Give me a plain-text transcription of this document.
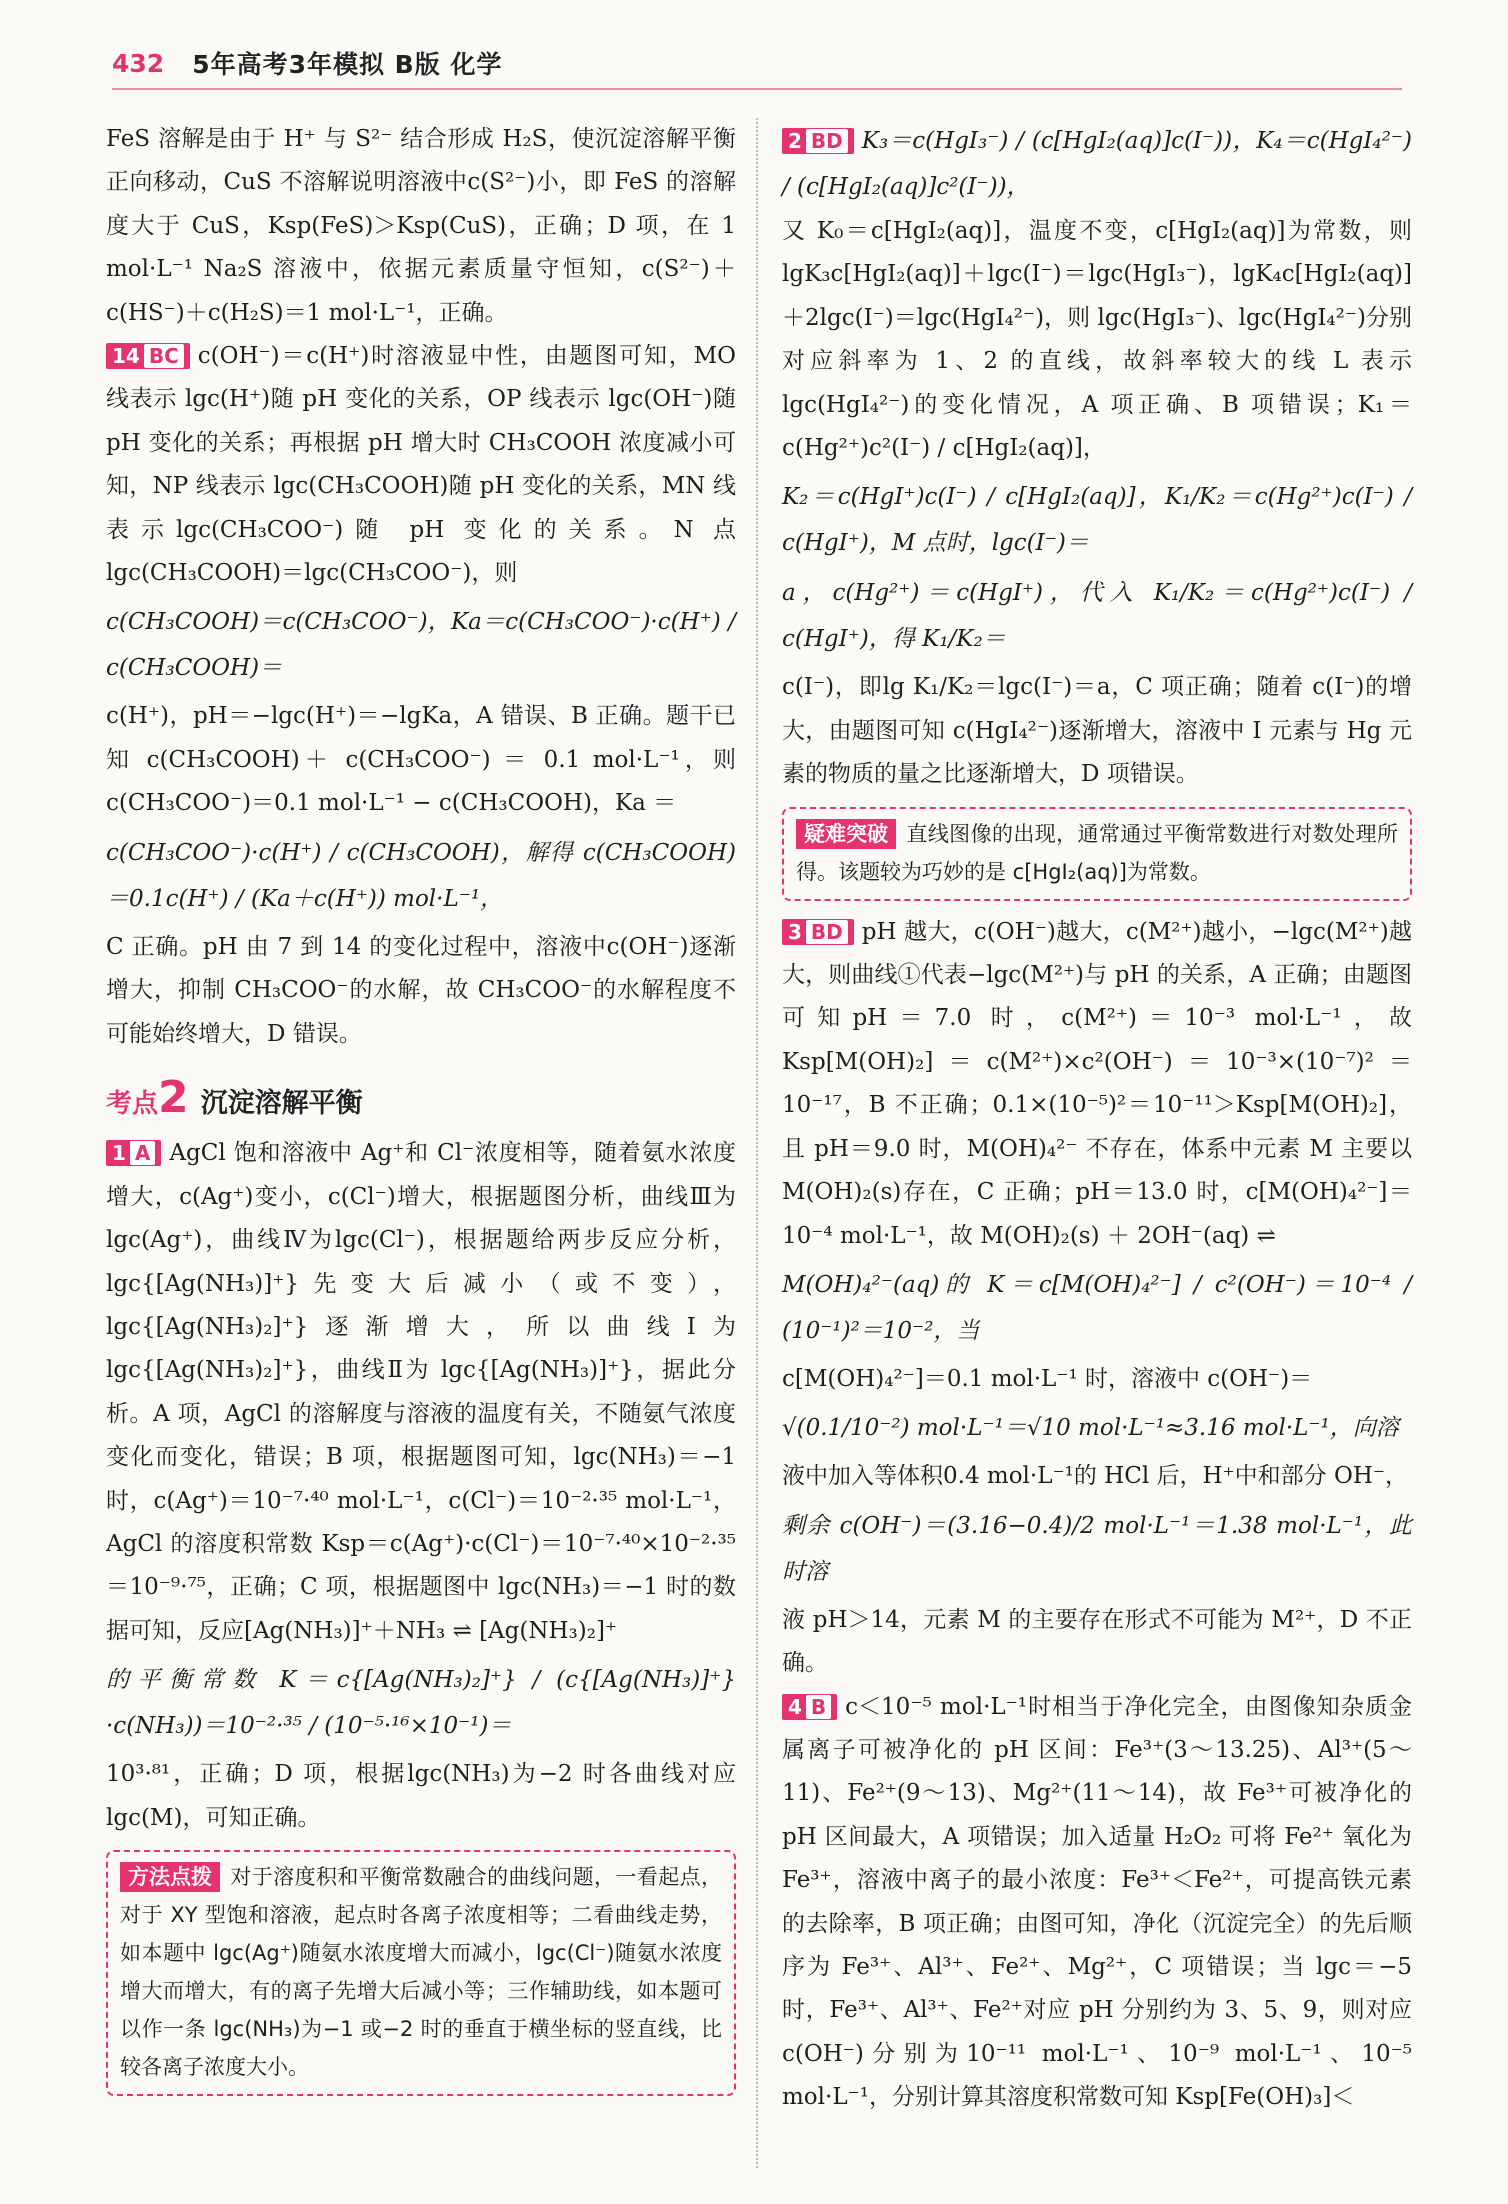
432 5年高考3年模拟 B版 化学

FeS 溶解是由于 H⁺ 与 S²⁻ 结合形成 H₂S，使沉淀溶解平衡正向移动，CuS 不溶解说明溶液中c(S²⁻)小，即 FeS 的溶解度大于 CuS，Ksp(FeS)＞Ksp(CuS)，正确；D 项，在 1 mol·L⁻¹ Na₂S 溶液中，依据元素质量守恒知，c(S²⁻)＋c(HS⁻)＋c(H₂S)＝1 mol·L⁻¹，正确。

14 BC c(OH⁻)＝c(H⁺)时溶液显中性，由题图可知，MO 线表示 lgc(H⁺)随 pH 变化的关系，OP 线表示 lgc(OH⁻)随 pH 变化的关系；再根据 pH 增大时 CH₃COOH 浓度减小可知，NP 线表示 lgc(CH₃COOH)随 pH 变化的关系，MN 线表示lgc(CH₃COO⁻)随 pH 变化的关系。N 点 lgc(CH₃COOH)＝lgc(CH₃COO⁻)，则

c(CH₃COOH)＝c(CH₃COO⁻)，Ka＝c(CH₃COO⁻)·c(H⁺) / c(CH₃COOH)＝

c(H⁺)，pH＝−lgc(H⁺)＝−lgKa，A 错误、B 正确。题干已知 c(CH₃COOH)＋ c(CH₃COO⁻) ＝ 0.1 mol·L⁻¹，则 c(CH₃COO⁻)＝0.1 mol·L⁻¹ − c(CH₃COOH)，Ka ＝

c(CH₃COO⁻)·c(H⁺) / c(CH₃COOH)，解得 c(CH₃COOH)＝0.1c(H⁺) / (Ka＋c(H⁺)) mol·L⁻¹，

C 正确。pH 由 7 到 14 的变化过程中，溶液中c(OH⁻)逐渐增大，抑制 CH₃COO⁻的水解，故 CH₃COO⁻的水解程度不可能始终增大，D 错误。

考点2 沉淀溶解平衡

1 A AgCl 饱和溶液中 Ag⁺和 Cl⁻浓度相等，随着氨水浓度增大，c(Ag⁺)变小，c(Cl⁻)增大，根据题图分析，曲线Ⅲ为 lgc(Ag⁺)，曲线Ⅳ为lgc(Cl⁻)，根据题给两步反应分析，lgc{[Ag(NH₃)]⁺}先变大后减小（或不变），lgc{[Ag(NH₃)₂]⁺}逐渐增大，所以曲线Ⅰ为 lgc{[Ag(NH₃)₂]⁺}，曲线Ⅱ为 lgc{[Ag(NH₃)]⁺}，据此分析。A 项，AgCl 的溶解度与溶液的温度有关，不随氨气浓度变化而变化，错误；B 项，根据题图可知，lgc(NH₃)＝−1 时，c(Ag⁺)＝10⁻⁷·⁴⁰ mol·L⁻¹，c(Cl⁻)＝10⁻²·³⁵ mol·L⁻¹，AgCl 的溶度积常数 Ksp＝c(Ag⁺)·c(Cl⁻)＝10⁻⁷·⁴⁰×10⁻²·³⁵＝10⁻⁹·⁷⁵，正确；C 项，根据题图中 lgc(NH₃)＝−1 时的数据可知，反应[Ag(NH₃)]⁺＋NH₃ ⇌ [Ag(NH₃)₂]⁺

的平衡常数 K＝c{[Ag(NH₃)₂]⁺} / (c{[Ag(NH₃)]⁺}·c(NH₃))＝10⁻²·³⁵ / (10⁻⁵·¹⁶×10⁻¹)＝

10³·⁸¹，正确；D 项，根据lgc(NH₃)为−2 时各曲线对应 lgc(M)，可知正确。

方法点拨 对于溶度积和平衡常数融合的曲线问题，一看起点，对于 XY 型饱和溶液，起点时各离子浓度相等；二看曲线走势，如本题中 lgc(Ag⁺)随氨水浓度增大而减小，lgc(Cl⁻)随氨水浓度增大而增大，有的离子先增大后减小等；三作辅助线，如本题可以作一条 lgc(NH₃)为−1 或−2 时的垂直于横坐标的竖直线，比较各离子浓度大小。

2 BD K₃＝c(HgI₃⁻) / (c[HgI₂(aq)]c(I⁻))，K₄＝c(HgI₄²⁻) / (c[HgI₂(aq)]c²(I⁻))，

又 K₀＝c[HgI₂(aq)]，温度不变，c[HgI₂(aq)]为常数，则 lgK₃c[HgI₂(aq)]＋lgc(I⁻)＝lgc(HgI₃⁻)，lgK₄c[HgI₂(aq)]＋2lgc(I⁻)＝lgc(HgI₄²⁻)，则 lgc(HgI₃⁻)、lgc(HgI₄²⁻)分别对应斜率为 1、2 的直线，故斜率较大的线 L 表示 lgc(HgI₄²⁻)的变化情况，A 项正确、B 项错误；K₁＝c(Hg²⁺)c²(I⁻) / c[HgI₂(aq)]，

K₂＝c(HgI⁺)c(I⁻) / c[HgI₂(aq)]，K₁/K₂＝c(Hg²⁺)c(I⁻) / c(HgI⁺)，M 点时，lgc(I⁻)＝
a，c(Hg²⁺)＝c(HgI⁺)，代入 K₁/K₂＝c(Hg²⁺)c(I⁻) / c(HgI⁺)，得 K₁/K₂＝

c(I⁻)，即lg K₁/K₂＝lgc(I⁻)＝a，C 项正确；随着 c(I⁻)的增大，由题图可知 c(HgI₄²⁻)逐渐增大，溶液中 I 元素与 Hg 元素的物质的量之比逐渐增大，D 项错误。

疑难突破 直线图像的出现，通常通过平衡常数进行对数处理所得。该题较为巧妙的是 c[HgI₂(aq)]为常数。

3 BD pH 越大，c(OH⁻)越大，c(M²⁺)越小，−lgc(M²⁺)越大，则曲线①代表−lgc(M²⁺)与 pH 的关系，A 正确；由题图可知pH＝7.0 时，c(M²⁺)＝10⁻³ mol·L⁻¹，故 Ksp[M(OH)₂]＝c(M²⁺)×c²(OH⁻)＝10⁻³×(10⁻⁷)²＝10⁻¹⁷，B 不正确；0.1×(10⁻⁵)²＝10⁻¹¹＞Ksp[M(OH)₂]，且 pH＝9.0 时，M(OH)₄²⁻ 不存在，体系中元素 M 主要以 M(OH)₂(s)存在，C 正确；pH＝13.0 时，c[M(OH)₄²⁻]＝10⁻⁴ mol·L⁻¹，故 M(OH)₂(s) ＋ 2OH⁻(aq) ⇌

M(OH)₄²⁻(aq)的 K＝c[M(OH)₄²⁻] / c²(OH⁻)＝10⁻⁴ / (10⁻¹)²＝10⁻²，当

c[M(OH)₄²⁻]＝0.1 mol·L⁻¹ 时，溶液中 c(OH⁻)＝

√(0.1/10⁻²) mol·L⁻¹＝√10 mol·L⁻¹≈3.16 mol·L⁻¹，向溶

液中加入等体积0.4 mol·L⁻¹的 HCl 后，H⁺中和部分 OH⁻，

剩余 c(OH⁻)＝(3.16−0.4)/2 mol·L⁻¹＝1.38 mol·L⁻¹，此时溶

液 pH＞14，元素 M 的主要存在形式不可能为 M²⁺，D 不正确。

4 B c＜10⁻⁵ mol·L⁻¹时相当于净化完全，由图像知杂质金属离子可被净化的 pH 区间：Fe³⁺(3～13.25)、Al³⁺(5～11)、Fe²⁺(9～13)、Mg²⁺(11～14)，故 Fe³⁺可被净化的 pH 区间最大，A 项错误；加入适量 H₂O₂ 可将 Fe²⁺ 氧化为 Fe³⁺，溶液中离子的最小浓度：Fe³⁺＜Fe²⁺，可提高铁元素的去除率，B 项正确；由图可知，净化（沉淀完全）的先后顺序为 Fe³⁺、Al³⁺、Fe²⁺、Mg²⁺，C 项错误；当 lgc＝−5 时，Fe³⁺、Al³⁺、Fe²⁺对应 pH 分别约为 3、5、9，则对应 c(OH⁻)分别为10⁻¹¹ mol·L⁻¹、10⁻⁹ mol·L⁻¹、10⁻⁵ mol·L⁻¹，分别计算其溶度积常数可知 Ksp[Fe(OH)₃]＜
